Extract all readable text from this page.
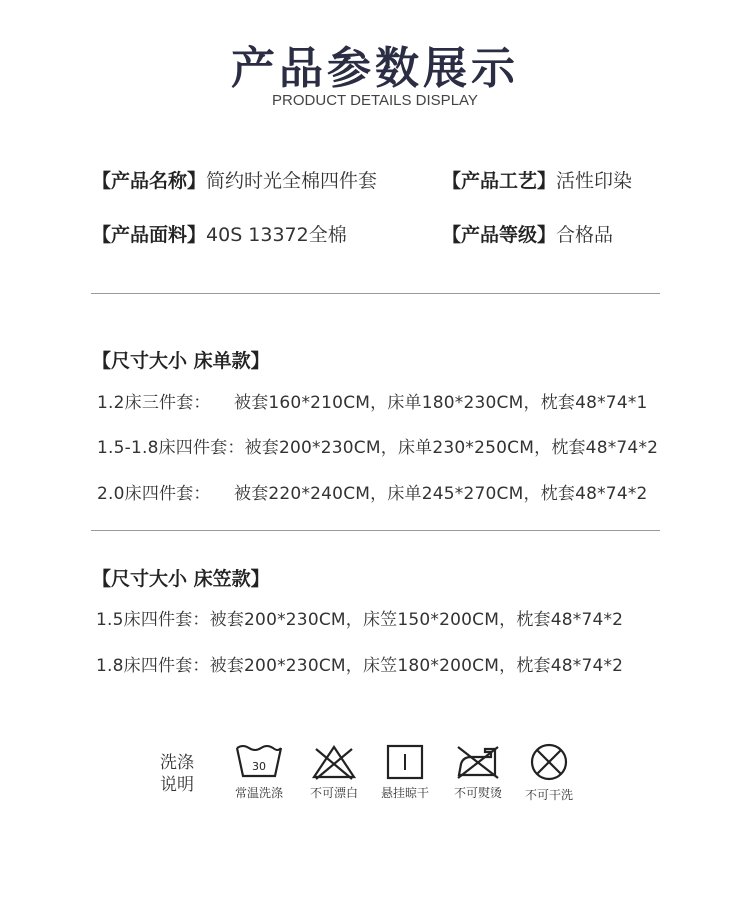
产品参数展示
PRODUCT DETAILS DISPLAY
【产品名称】简约时光全棉四件套	【产品工艺】活性印染
【产品面料】40S 13372全棉	【产品等级】合格品
【尺寸大小 床单款】
1.2床三件套： 被套160*210CM，床单180*230CM，枕套48*74*1
1.5-1.8床四件套：被套200*230CM，床单230*250CM，枕套48*74*2
2.0床四件套： 被套220*240CM，床单245*270CM，枕套48*74*2
【尺寸大小 床笠款】
1.5床四件套：被套200*230CM，床笠150*200CM，枕套48*74*2
1.8床四件套：被套200*230CM，床笠180*200CM，枕套48*74*2
洗涤
说明
30
常温洗涤	不可漂白	悬挂晾干	不可熨烫	不可干洗
